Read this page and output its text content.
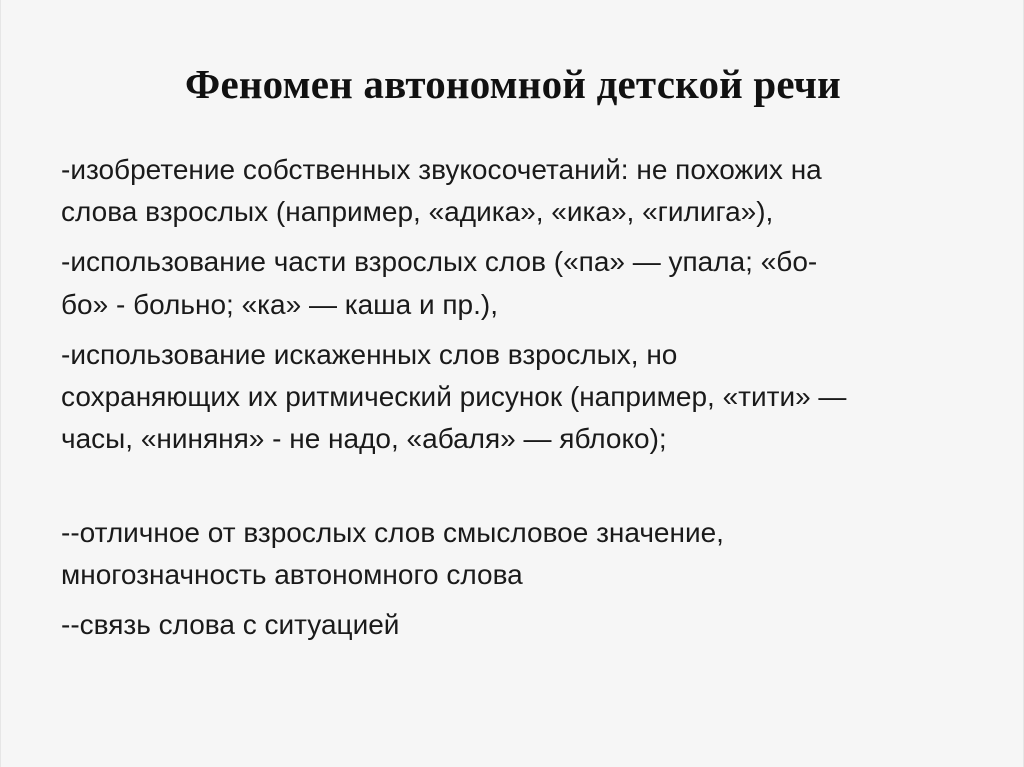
Феномен автономной детской речи
-изобретение собственных звукосочетаний: не похожих на
слова взрослых (например, «адика», «ика», «гилига»),
-использование части взрослых слов («па» — упала; «бо-
бо» - больно; «ка» — каша и пр.),
-использование искаженных слов взрослых, но
сохраняющих их ритмический рисунок (например, «тити» —
часы, «ниняня» - не надо, «абаля» — яблоко);
--отличное от взрослых слов смысловое значение,
многозначность автономного слова
--связь слова с ситуацией
